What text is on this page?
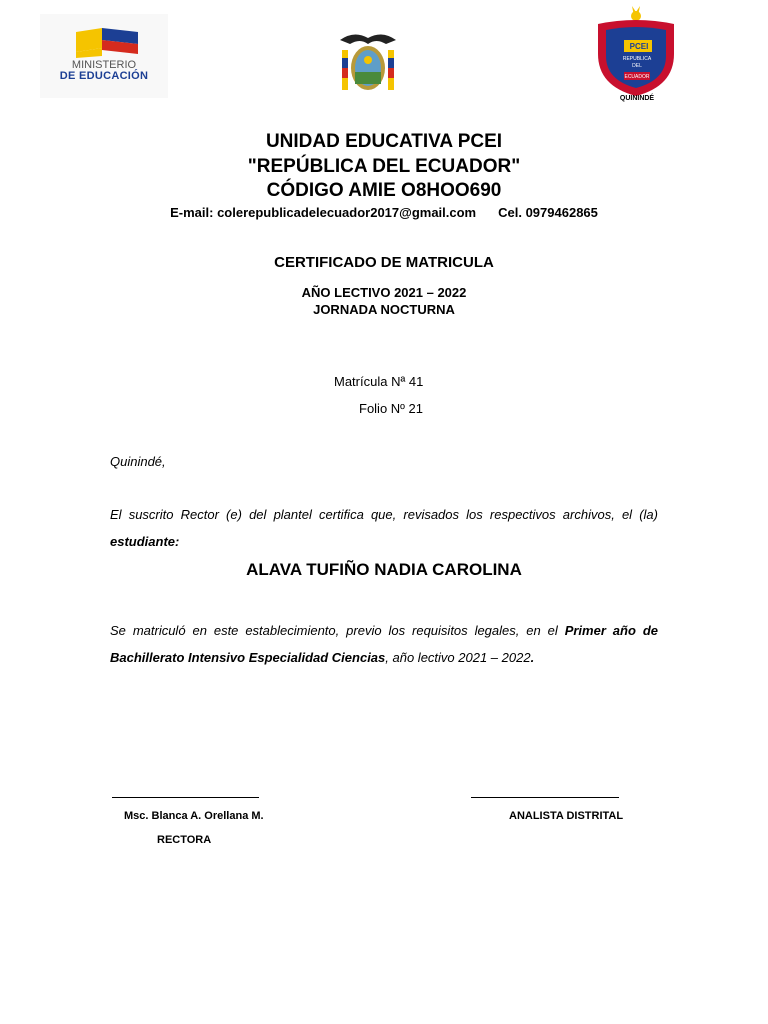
MINISTERIO
DE EDUCACIÓN
PCEI
REPUBLICA
DEL
ECUADOR
QUININDÉ
UNIDAD EDUCATIVA PCEI
"REPÚBLICA DEL ECUADOR"
CÓDIGO AMIE O8HOO690
E-mail: colerepublicadelecuador2017@gmail.com Cel. 0979462865
CERTIFICADO DE MATRICULA
AÑO LECTIVO 2021 – 2022
JORNADA NOCTURNA
Matrícula Nª 41
Folio Nº 21
Quinindé,
El suscrito Rector (e) del plantel certifica que, revisados los respectivos archivos, el (la) estudiante:
ALAVA TUFIÑO NADIA CAROLINA
Se matriculó en este establecimiento, previo los requisitos legales, en el Primer año de Bachillerato Intensivo Especialidad Ciencias, año lectivo 2021 – 2022.
Msc. Blanca A. Orellana M.
RECTORA
ANALISTA DISTRITAL
